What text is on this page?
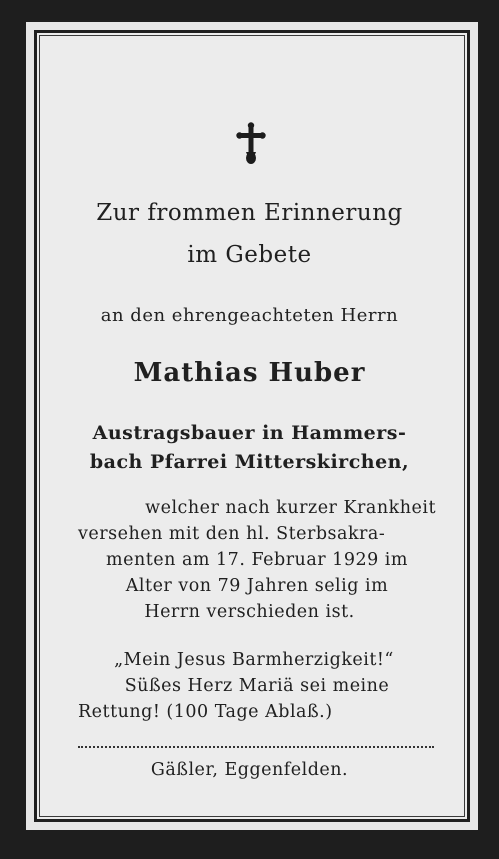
Zur frommen Erinnerung
im Gebete
an den ehrengeachteten Herrn
Mathias Huber
Austragsbauer in Hammers-
bach Pfarrei Mitterskirchen,
welcher nach kurzer Krankheit
versehen mit den hl. Sterbsakra-
menten am 17. Februar 1929 im
Alter von 79 Jahren selig im
Herrn verschieden ist.
„Mein Jesus Barmherzigkeit!“
Süßes Herz Mariä sei meine
Rettung! (100 Tage Ablaß.)
Gäßler, Eggenfelden.
